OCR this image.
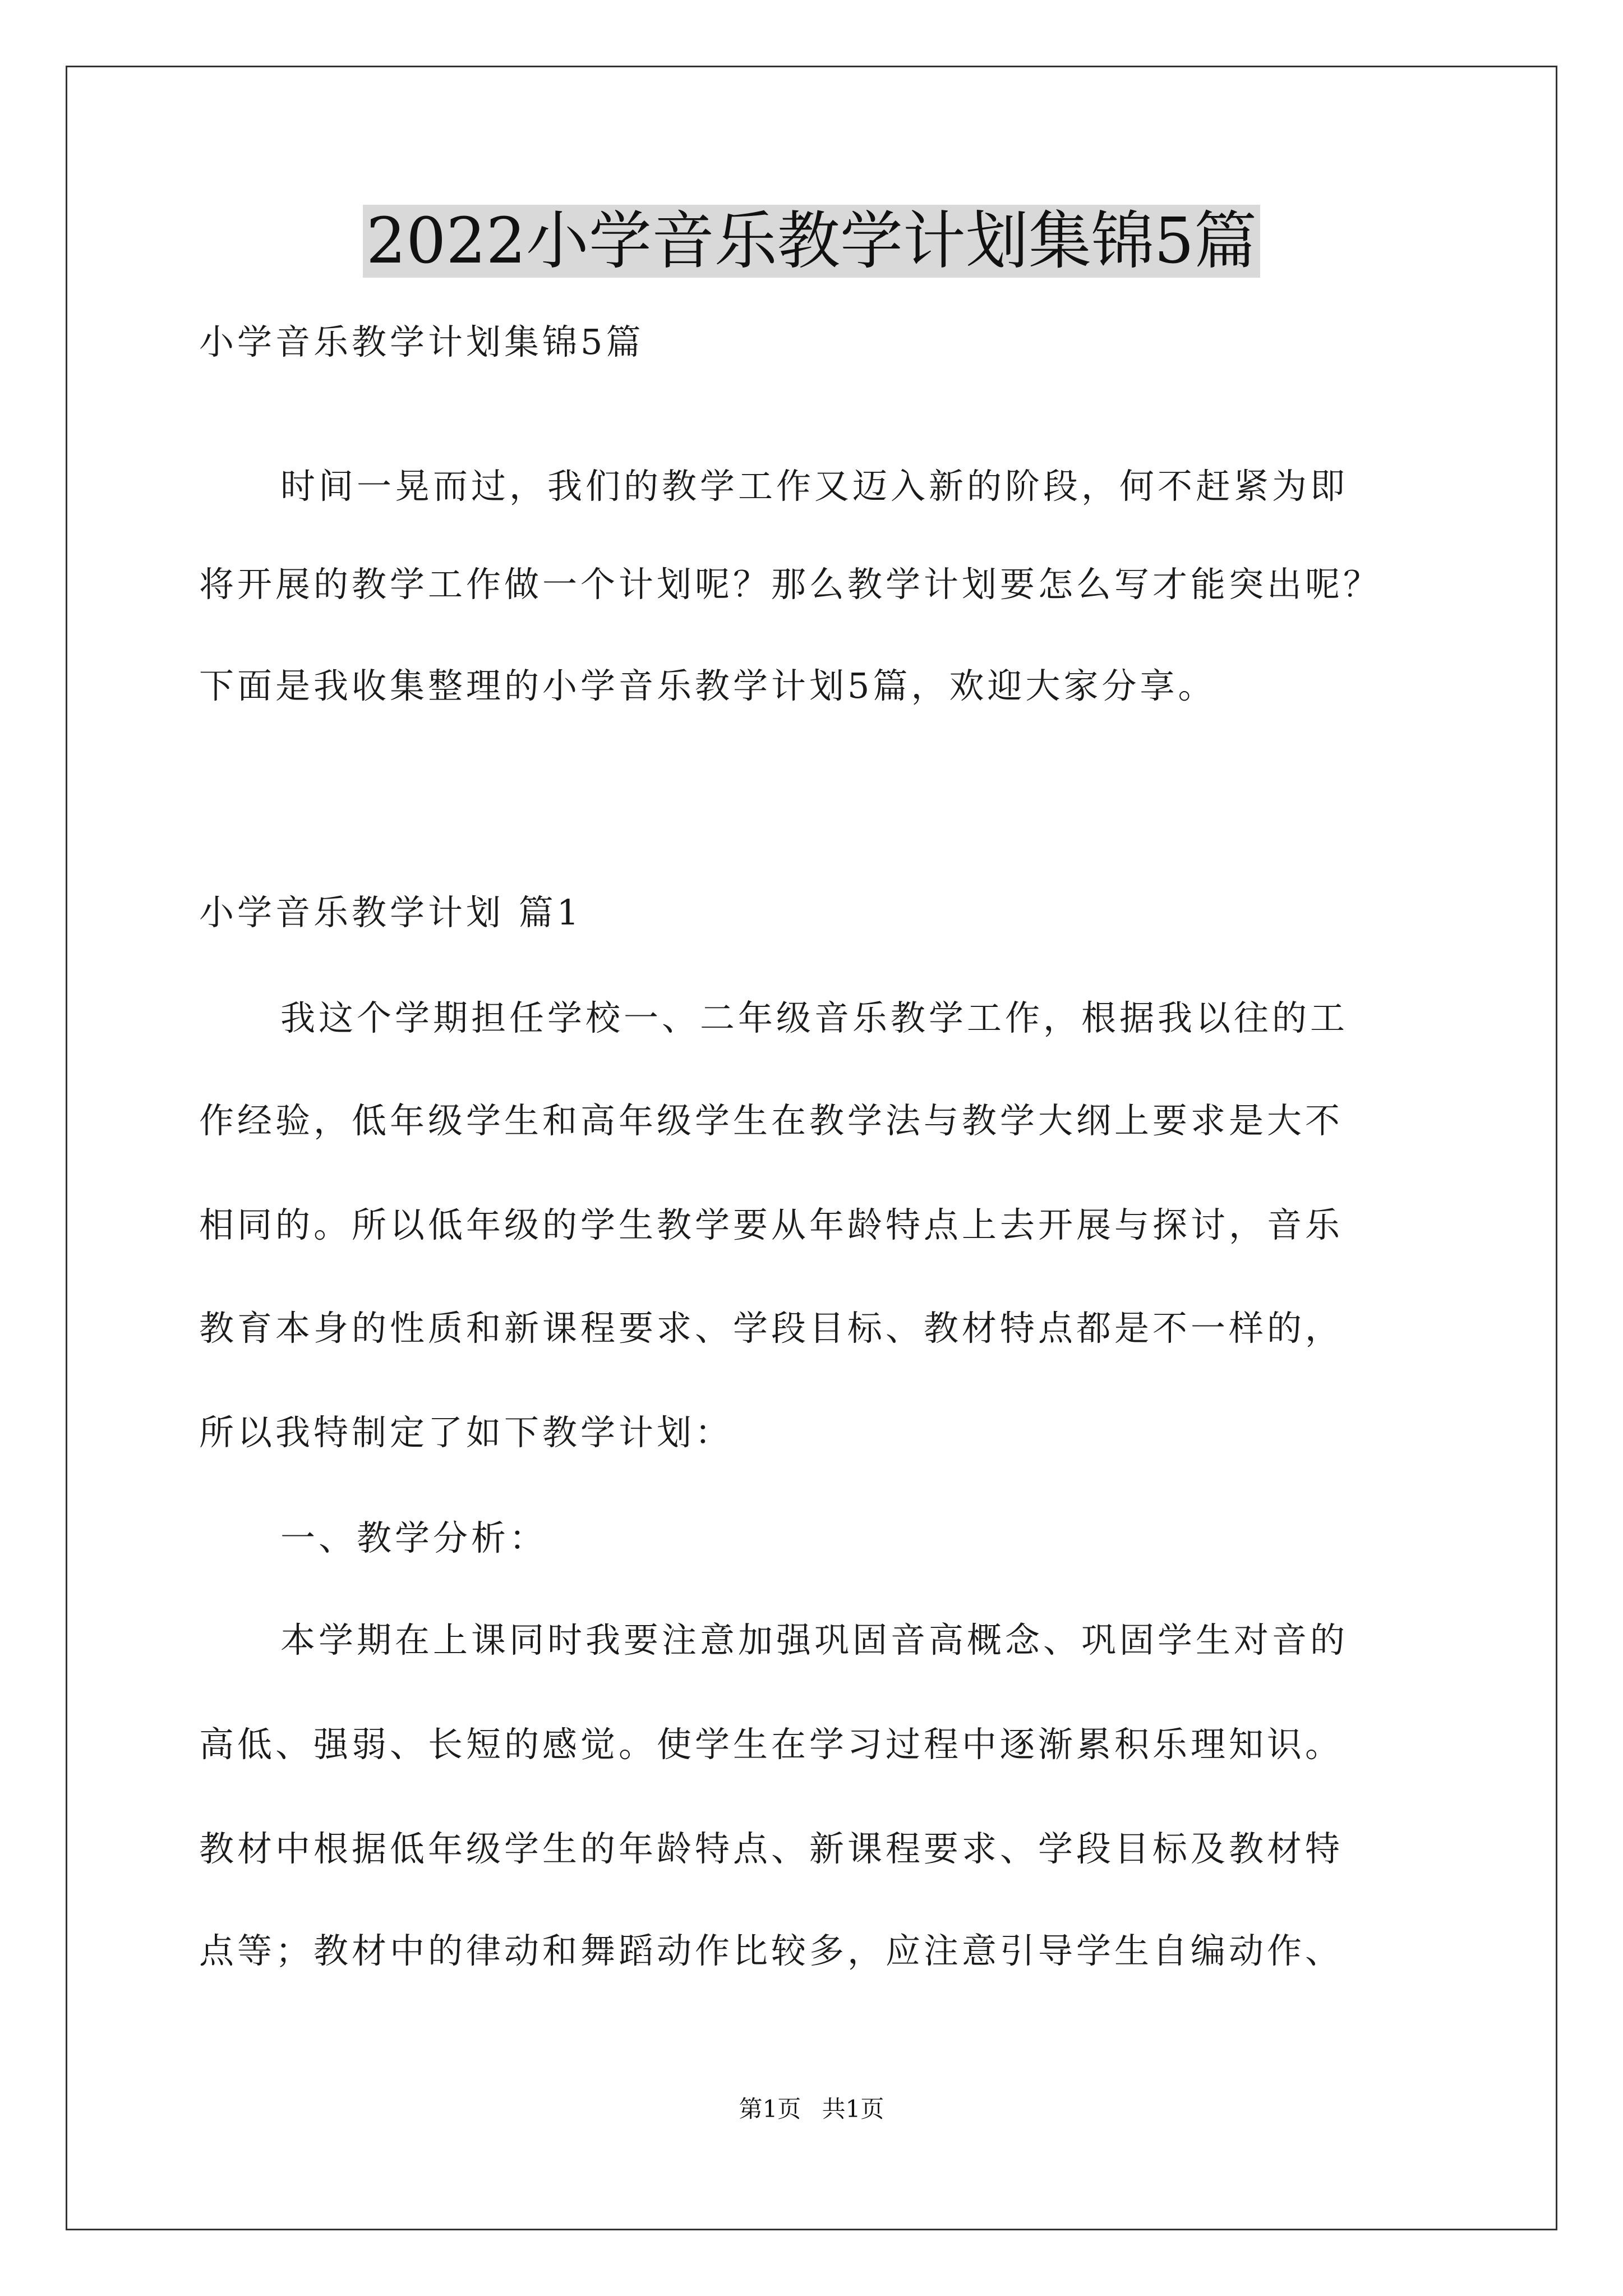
2022小学音乐教学计划集锦5篇
小学音乐教学计划集锦5篇
时间一晃而过，我们的教学工作又迈入新的阶段，何不赶紧为即
将开展的教学工作做一个计划呢？那么教学计划要怎么写才能突出呢？
下面是我收集整理的小学音乐教学计划5篇，欢迎大家分享。
小学音乐教学计划 篇1
我这个学期担任学校一、二年级音乐教学工作，根据我以往的工
作经验，低年级学生和高年级学生在教学法与教学大纲上要求是大不
相同的。所以低年级的学生教学要从年龄特点上去开展与探讨，音乐
教育本身的性质和新课程要求、学段目标、教材特点都是不一样的，
所以我特制定了如下教学计划：
一、教学分析：
本学期在上课同时我要注意加强巩固音高概念、巩固学生对音的
高低、强弱、长短的感觉。使学生在学习过程中逐渐累积乐理知识。
教材中根据低年级学生的年龄特点、新课程要求、学段目标及教材特
点等；教材中的律动和舞蹈动作比较多，应注意引导学生自编动作、
第1页 共1页
